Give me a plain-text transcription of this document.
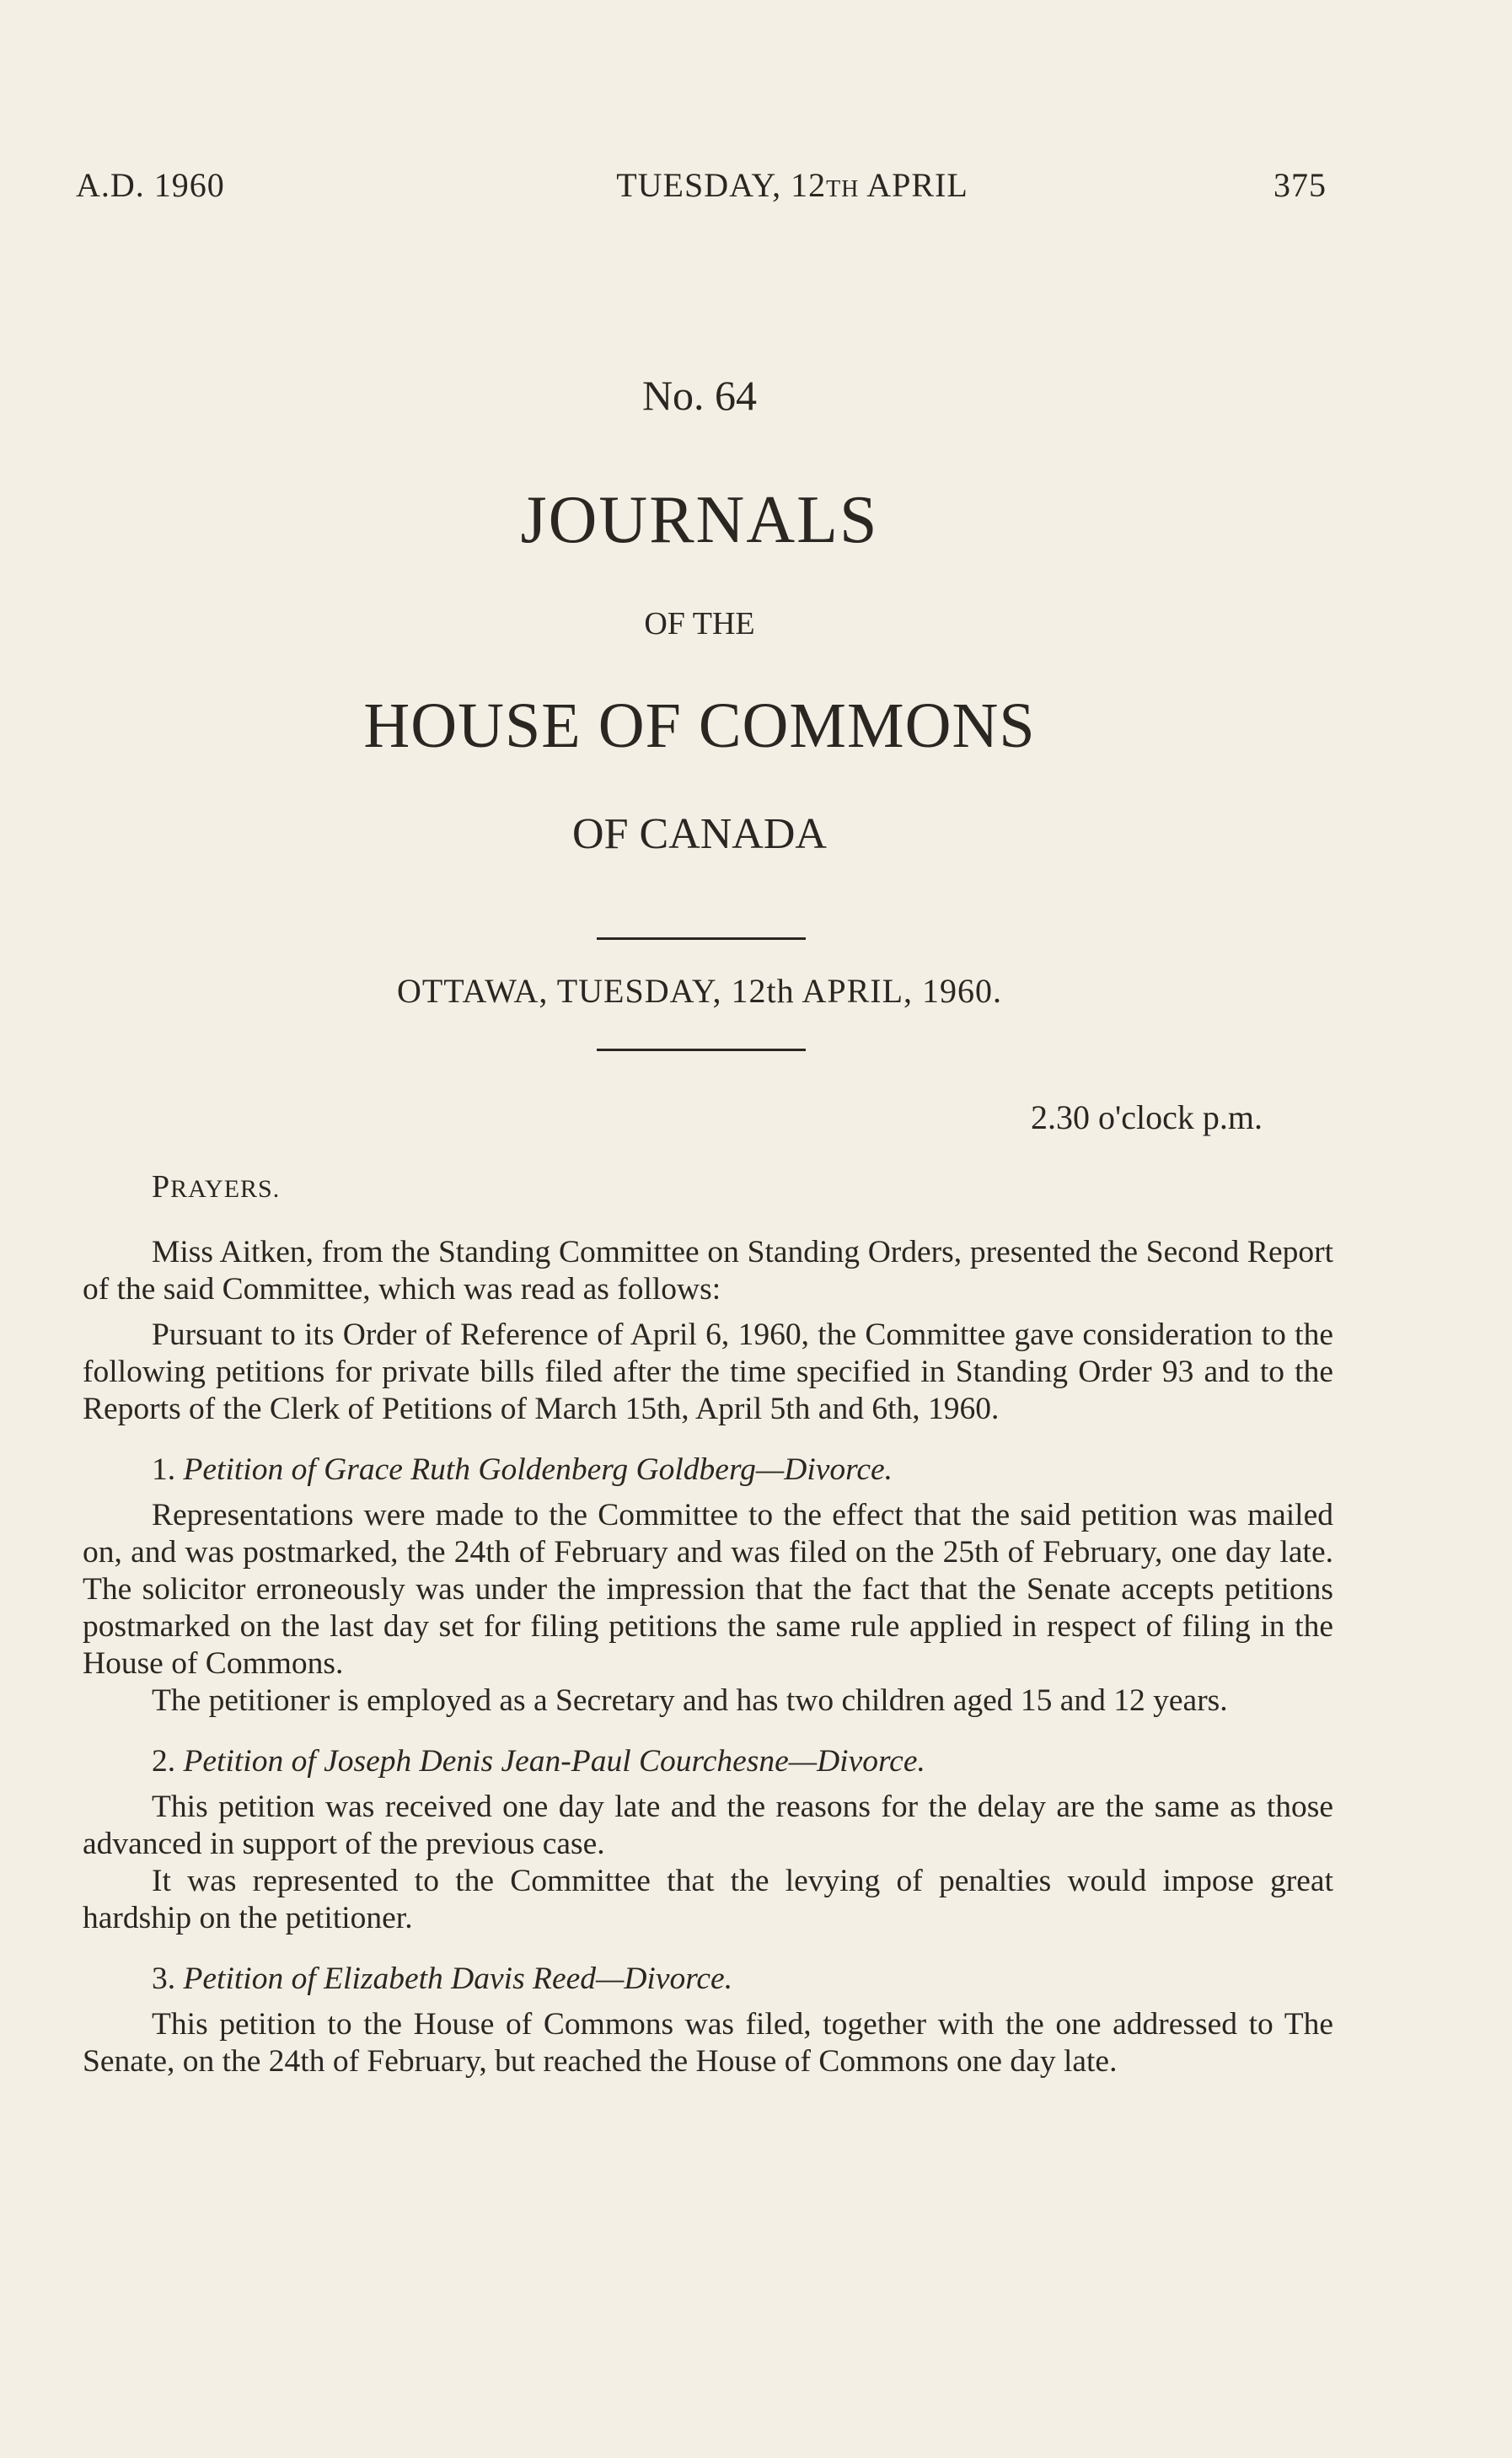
A.D. 1960	TUESDAY, 12TH APRIL	375
No. 64
JOURNALS
OF THE
HOUSE OF COMMONS
OF CANADA
OTTAWA, TUESDAY, 12th APRIL, 1960.
2.30 o'clock p.m.
PRAYERS.

Miss Aitken, from the Standing Committee on Standing Orders, presented the Second Report of the said Committee, which was read as follows:

Pursuant to its Order of Reference of April 6, 1960, the Committee gave consideration to the following petitions for private bills filed after the time specified in Standing Order 93 and to the Reports of the Clerk of Petitions of March 15th, April 5th and 6th, 1960.

1. Petition of Grace Ruth Goldenberg Goldberg—Divorce.

Representations were made to the Committee to the effect that the said petition was mailed on, and was postmarked, the 24th of February and was filed on the 25th of February, one day late. The solicitor erroneously was under the impression that the fact that the Senate accepts petitions postmarked on the last day set for filing petitions the same rule applied in respect of filing in the House of Commons.

The petitioner is employed as a Secretary and has two children aged 15 and 12 years.

2. Petition of Joseph Denis Jean-Paul Courchesne—Divorce.

This petition was received one day late and the reasons for the delay are the same as those advanced in support of the previous case.

It was represented to the Committee that the levying of penalties would impose great hardship on the petitioner.

3. Petition of Elizabeth Davis Reed—Divorce.

This petition to the House of Commons was filed, together with the one addressed to The Senate, on the 24th of February, but reached the House of Commons one day late.
